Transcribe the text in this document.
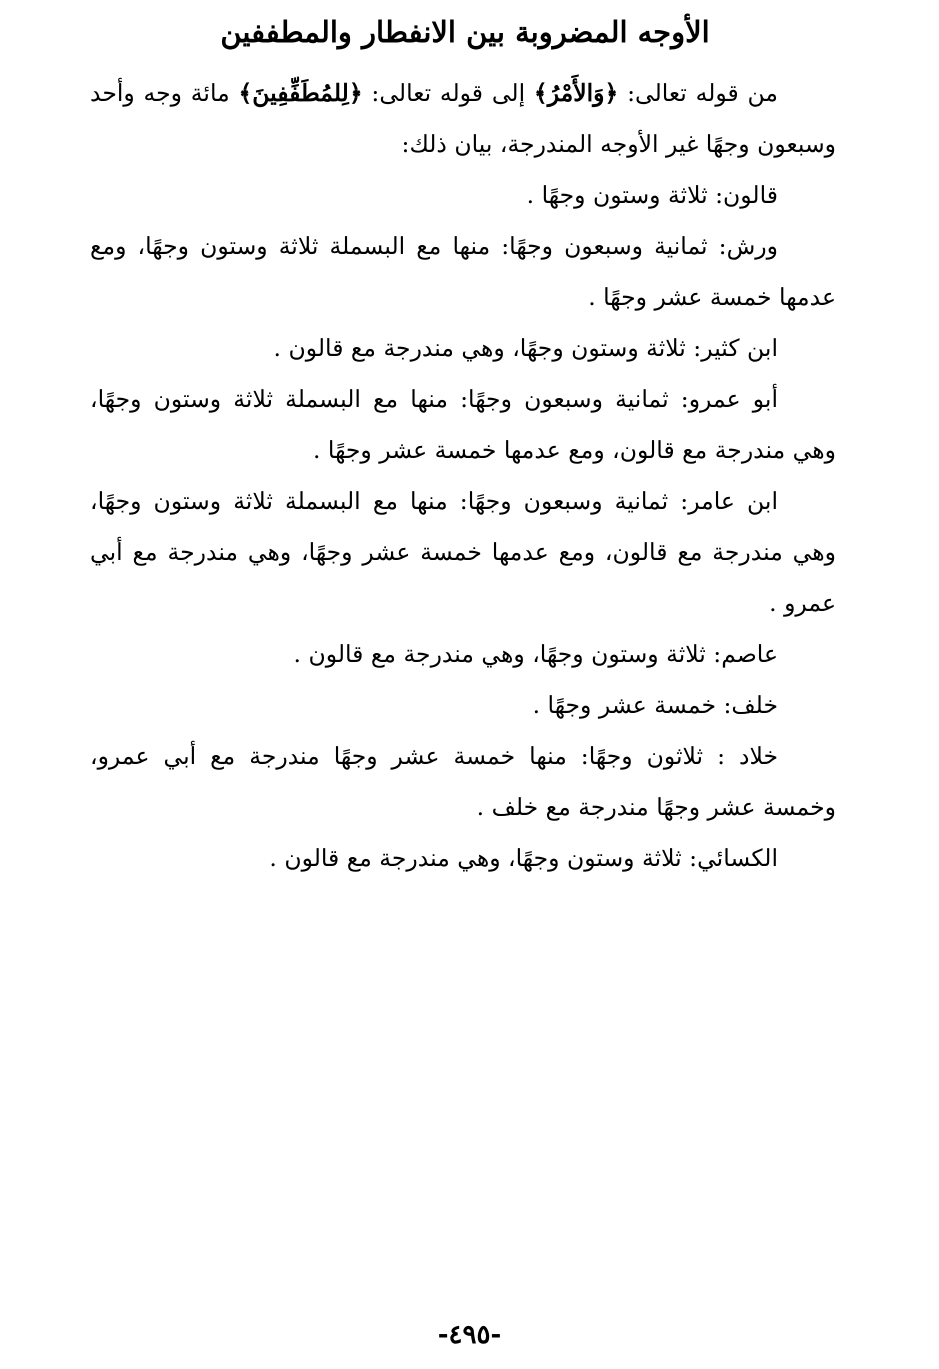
الأوجه المضروبة بين الانفطار والمطففين

من قوله تعالى: ﴿وَالأَمْرُ﴾ إلى قوله تعالى: ﴿لِلمُطَفِّفِينَ﴾ مائة وجه وأحد وسبعون وجهًا غير الأوجه المندرجة، بيان ذلك:

قالون: ثلاثة وستون وجهًا .

ورش: ثمانية وسبعون وجهًا: منها مع البسملة ثلاثة وستون وجهًا، ومع عدمها خمسة عشر وجهًا .

ابن كثير: ثلاثة وستون وجهًا، وهي مندرجة مع قالون .

أبو عمرو: ثمانية وسبعون وجهًا: منها مع البسملة ثلاثة وستون وجهًا، وهي مندرجة مع قالون، ومع عدمها خمسة عشر وجهًا .

ابن عامر: ثمانية وسبعون وجهًا: منها مع البسملة ثلاثة وستون وجهًا، وهي مندرجة مع قالون، ومع عدمها خمسة عشر وجهًا، وهي مندرجة مع أبي عمرو .

عاصم: ثلاثة وستون وجهًا، وهي مندرجة مع قالون .

خلف: خمسة عشر وجهًا .

خلاد : ثلاثون وجهًا: منها خمسة عشر وجهًا مندرجة مع أبي عمرو، وخمسة عشر وجهًا مندرجة مع خلف .

الكسائي: ثلاثة وستون وجهًا، وهي مندرجة مع قالون .

-٤٩٥-
